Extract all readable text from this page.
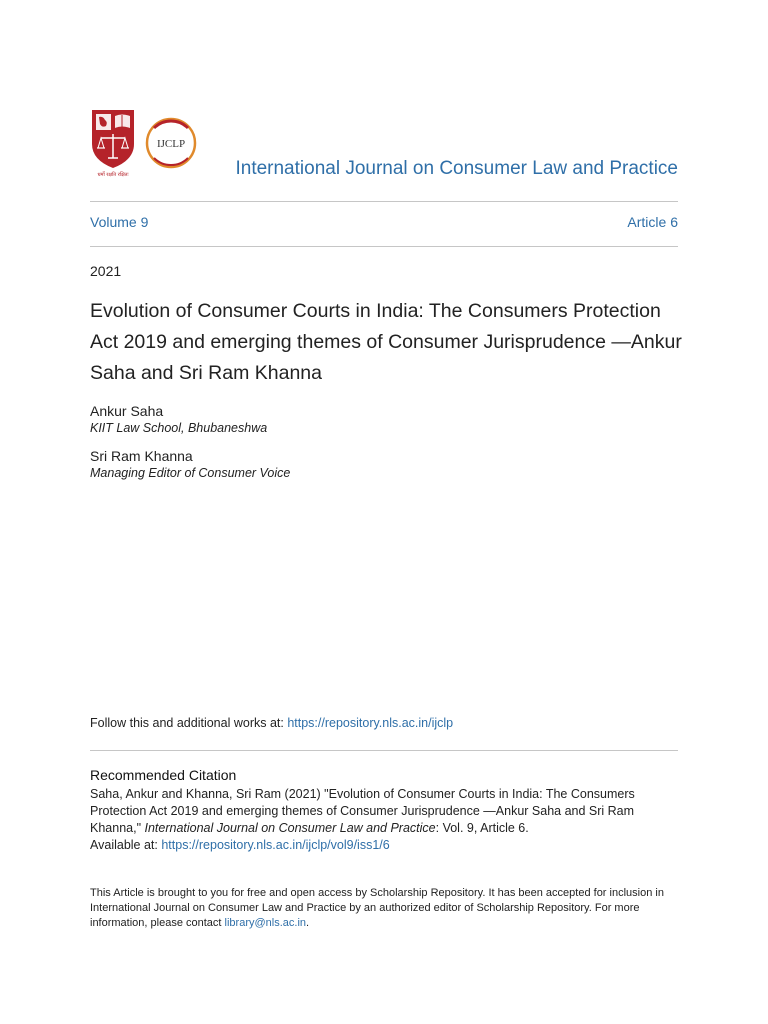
धर्मो रक्षति रक्षितः
IJCLP
International Journal on Consumer Law and Practice
Volume 9	Article 6
2021
Evolution of Consumer Courts in India: The Consumers Protection Act 2019 and emerging themes of Consumer Jurisprudence —Ankur Saha and Sri Ram Khanna
Ankur Saha
KIIT Law School, Bhubaneshwa
Sri Ram Khanna
Managing Editor of Consumer Voice
Follow this and additional works at: https://repository.nls.ac.in/ijclp
Recommended Citation
Saha, Ankur and Khanna, Sri Ram (2021) "Evolution of Consumer Courts in India: The Consumers Protection Act 2019 and emerging themes of Consumer Jurisprudence —Ankur Saha and Sri Ram Khanna," International Journal on Consumer Law and Practice: Vol. 9, Article 6.
Available at: https://repository.nls.ac.in/ijclp/vol9/iss1/6
This Article is brought to you for free and open access by Scholarship Repository. It has been accepted for inclusion in International Journal on Consumer Law and Practice by an authorized editor of Scholarship Repository. For more information, please contact library@nls.ac.in.
